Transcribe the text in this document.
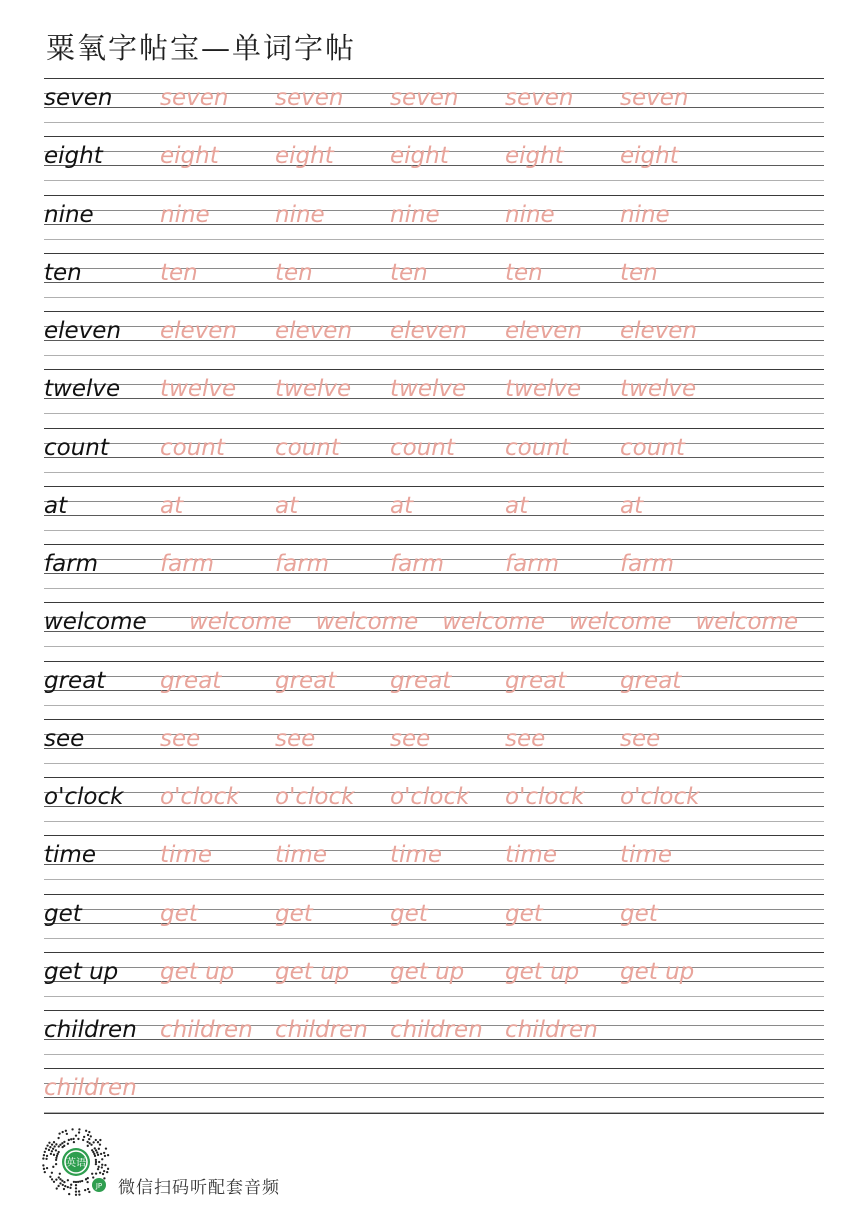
粟氧字帖宝—单词字帖
seven seven seven seven seven seven
eight eight eight eight eight eight
nine	nine	nine	nine	nine	nine
ten	ten	ten	ten	ten	ten
eleven eleven eleven eleven eleven eleven
twelve twelve twelve twelve twelve twelve
count count count count count count
at	at	at	at	at	at
farm	farm	farm	farm	farm	farm
welcome welcome welcome welcome welcome welcome
great great great great great great
see	see	see	see	see	see
o'clock o'clock o'clock o'clock o'clock o'clock
time	time	time	time	time	time
get	get	get	get	get	get
get up get up get up get up get up get up
children children children children children
children
英语
JP 微信扫码听配套音频
